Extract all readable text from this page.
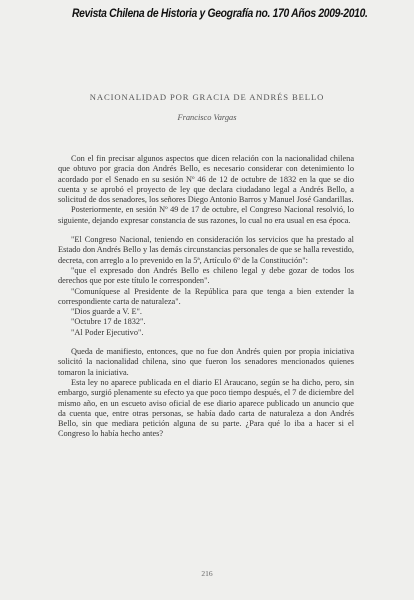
Revista Chilena de Historia y Geografía no. 170 Años 2009-2010.
NACIONALIDAD POR GRACIA DE ANDRÉS BELLO
Francisco Vargas

Con el fin precisar algunos aspectos que dicen relación con la nacionalidad chilena que obtuvo por gracia don Andrés Bello, es necesario considerar con detenimiento lo acordado por el Senado en su sesión Nº 46 de 12 de octubre de 1832 en la que se dio cuenta y se aprobó el proyecto de ley que declara ciudadano legal a Andrés Bello, a solicitud de dos senadores, los señores Diego Antonio Barros y Manuel José Gandarillas.

Posteriormente, en sesión Nº 49 de 17 de octubre, el Congreso Nacional resolvió, lo siguiente, dejando expresar constancia de sus razones, lo cual no era usual en esa época.

"El Congreso Nacional, teniendo en consideración los servicios que ha prestado al Estado don Andrés Bello y las demás circunstancias personales de que se halla revestido, decreta, con arreglo a lo prevenido en la 5ª, Artículo 6º de la Constitución":

"que el expresado don Andrés Bello es chileno legal y debe gozar de todos los derechos que por este título le corresponden".

"Comuníquese al Presidente de la República para que tenga a bien extender la correspondiente carta de naturaleza".

"Dios guarde a V. E".

"Octubre 17 de 1832".

"Al Poder Ejecutivo".

Queda de manifiesto, entonces, que no fue don Andrés quien por propia iniciativa solicitó la nacionalidad chilena, sino que fueron los senadores mencionados quienes tomaron la iniciativa.

Esta ley no aparece publicada en el diario El Araucano, según se ha dicho, pero, sin embargo, surgió plenamente su efecto ya que poco tiempo después, el 7 de diciembre del mismo año, en un escueto aviso oficial de ese diario aparece publicado un anuncio que da cuenta que, entre otras personas, se había dado carta de naturaleza a don Andrés Bello, sin que mediara petición alguna de su parte. ¿Para qué lo iba a hacer si el Congreso lo había hecho antes?

216
